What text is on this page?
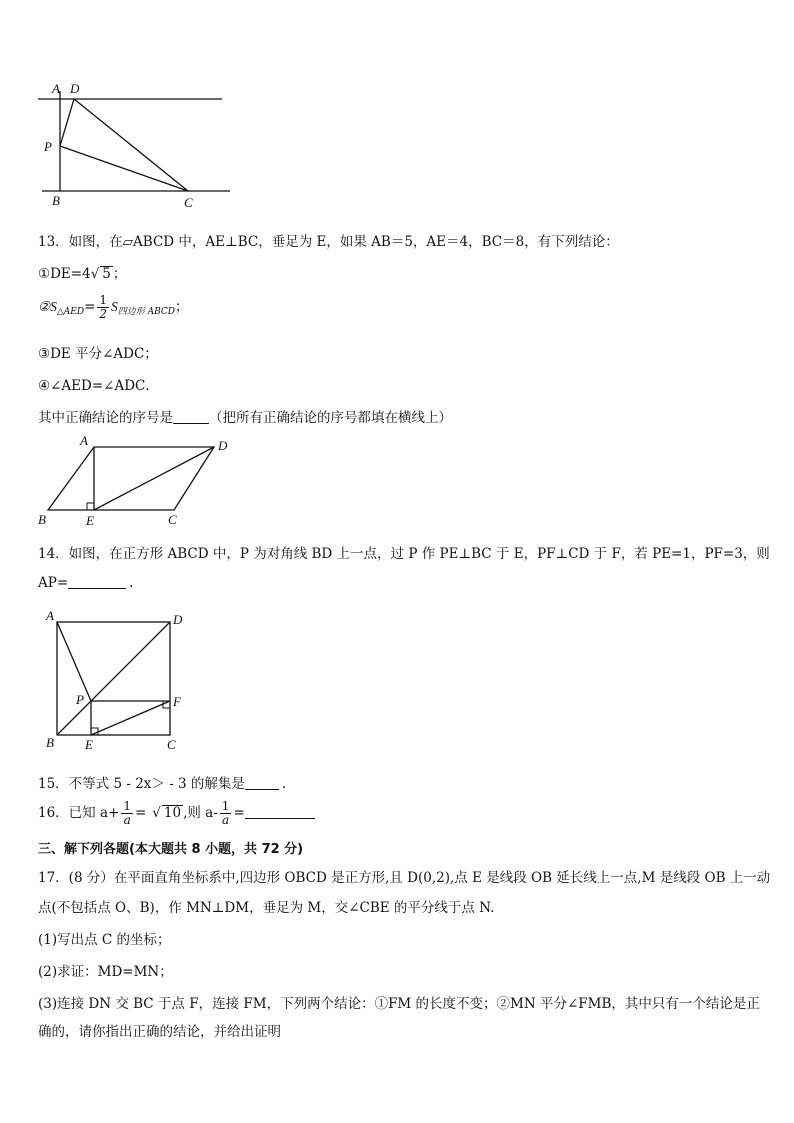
A D
P
B	C
13．如图，在▱ABCD 中，AE⊥BC，垂足为 E，如果 AB＝5，AE＝4，BC＝8，有下列结论：
①DE=4√ 5 ；
$②S_{\triangle AED}= \frac{1}{2} S_{四边形 ABCD}$；
③DE 平分∠ADC；
④∠AED=∠ADC．
其中正确结论的序号是	（把所有正确结论的序号都填在横线上）
A	D
B	E	C
14．如图，在正方形 ABCD 中，P 为对角线 BD 上一点，过 P 作 PE⊥BC 于 E，PF⊥CD 于 F，若 PE=1，PF=3，则
AP=	.
A	D
P	F
B E	C
15．不等式 5 - 2x＞ - 3 的解集是	.
16．已知 $a+ \frac{1}{a}$ = √ 10 ,则 $a- \frac{1}{a}$ =
三、解下列各题(本大题共 8 小题，共 72 分)
17．(8 分）在平面直角坐标系中,四边形 OBCD 是正方形,且 D(0,2),点 E 是线段 OB 延长线上一点,M 是线段 OB 上一动
点(不包括点 O、B)，作 MN⊥DM，垂足为 M，交∠CBE 的平分线于点 N.
(1)写出点 C 的坐标；
(2)求证：MD=MN；
(3)连接 DN 交 BC 于点 F，连接 FM，下列两个结论：①FM 的长度不变；②MN 平分∠FMB，其中只有一个结论是正
确的，请你指出正确的结论，并给出证明
